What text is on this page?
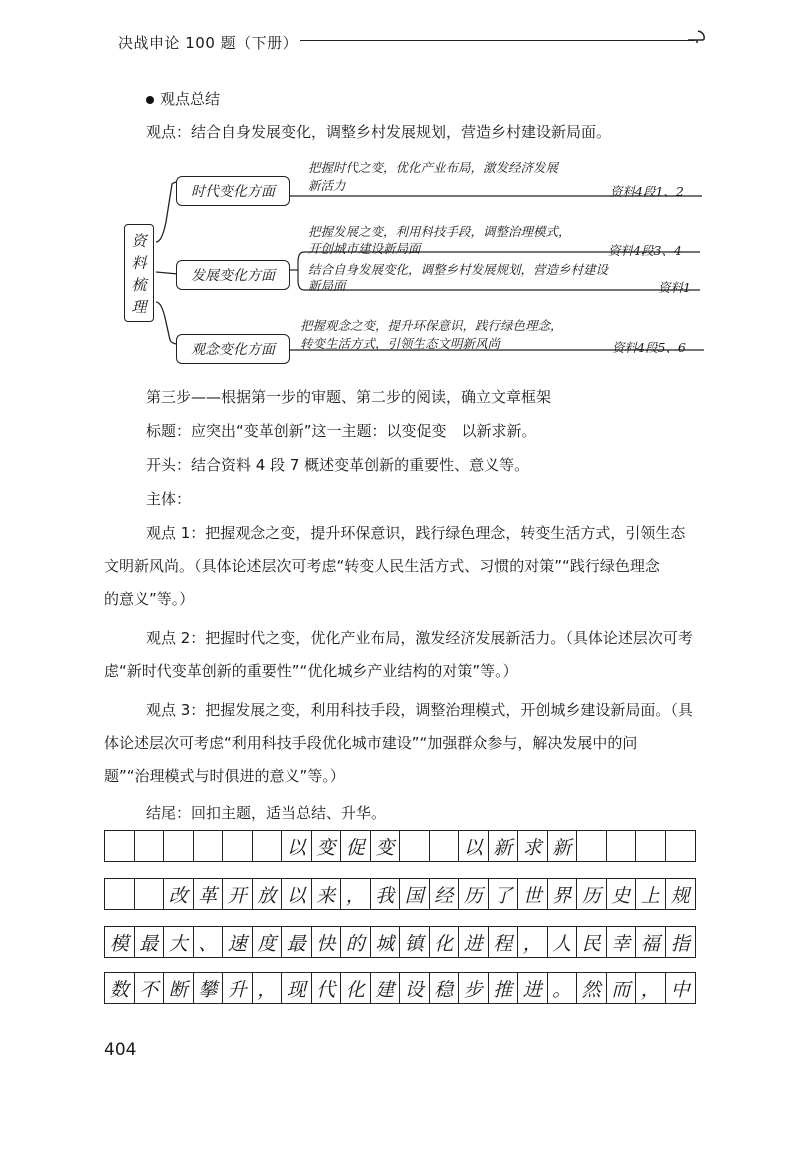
决战申论 100 题（下册）
观点总结
观点：结合自身发展变化，调整乡村发展规划，营造乡村建设新局面。
资
料
梳
理
时代变化方面
把握时代之变，优化产业布局，激发经济发展
新活力	资料4段1、2
发展变化方面
把握发展之变，利用科技手段，调整治理模式，
开创城市建设新局面	资料4段3、4
结合自身发展变化，调整乡村发展规划，营造乡村建设
新局面	资料1
观念变化方面
把握观念之变，提升环保意识，践行绿色理念，
转变生活方式，引领生态文明新风尚	资料4段5、6
第三步——根据第一步的审题、第二步的阅读，确立文章框架
标题：应突出“变革创新”这一主题：以变促变　以新求新。
开头：结合资料 4 段 7 概述变革创新的重要性、意义等。
主体：
观点 1：把握观念之变，提升环保意识，践行绿色理念，转变生活方式，引领生态
文明新风尚。（具体论述层次可考虑“转变人民生活方式、习惯的对策”“践行绿色理念
的意义”等。）
观点 2：把握时代之变，优化产业布局，激发经济发展新活力。（具体论述层次可考
虑“新时代变革创新的重要性”“优化城乡产业结构的对策”等。）
观点 3：把握发展之变，利用科技手段，调整治理模式，开创城乡建设新局面。（具
体论述层次可考虑“利用科技手段优化城市建设”“加强群众参与，解决发展中的问
题”“治理模式与时俱进的意义”等。）
结尾：回扣主题，适当总结、升华。
以 变 促 变	以 新 求 新
改 革 开 放 以 来 ， 我 国 经 历 了 世 界 历 史 上 规
模 最 大 、 速 度 最 快 的 城 镇 化 进 程 ， 人 民 幸 福 指
数 不 断 攀 升 ， 现 代 化 建 设 稳 步 推 进 。 然 而 ， 中
404
